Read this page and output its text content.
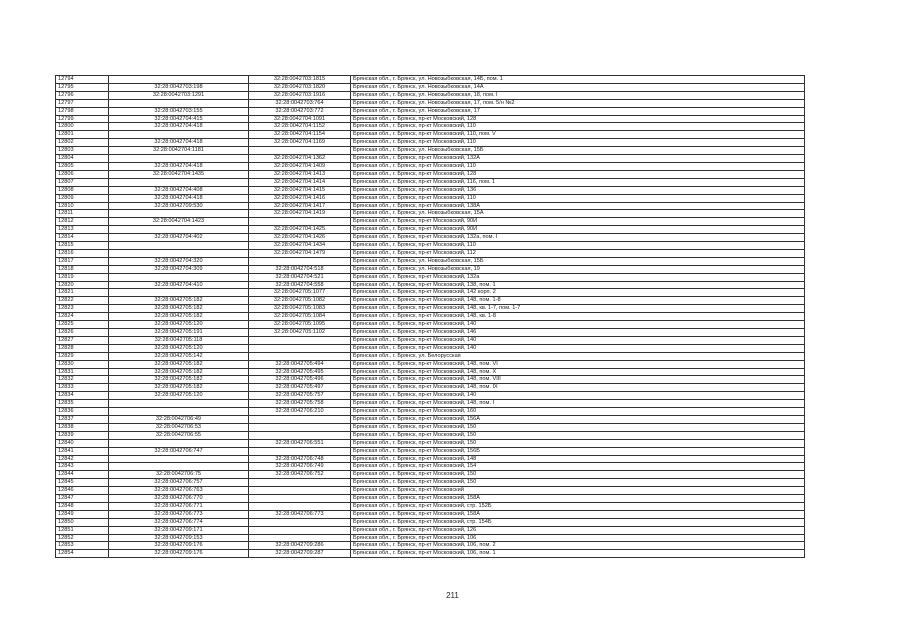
12794		32:28:0042703:1815	Брянская обл., г. Брянск, ул. Новозыбковская, 14Б, пом. 1
12795	32:28:0042703:198	32:28:0042703:1820	Брянская обл., г. Брянск, ул. Новозыбковская, 14А
12796	32:28:0042703:1291	32:28:0042703:1916	Брянская обл., г. Брянск, ул. Новозыбковская, 18, пом. I
12797		32:28:0042703:764	Брянская обл., г. Брянск, ул. Новозыбковская, 17, пом. 5/н №2
12798	32:28:0042703:155	32:28:0042703:772	Брянская обл., г. Брянск, ул. Новозыбковская, 17
12799	32:28:0042704:415	32:28:0042704:1091	Брянская обл., г. Брянск, пр-кт Московский, 128
12800	32:28:0042704:418	32:28:0042704:1152	Брянская обл., г. Брянск, пр-кт Московский, 110
12801		32:28:0042704:1154	Брянская обл., г. Брянск, пр-кт Московский, 110, пом. V
12802	32:28:0042704:418	32:28:0042704:1169	Брянская обл., г. Брянск, пр-кт Московский, 110
12803	32:28:0042704:1181		Брянская обл., г. Брянск, ул. Новозыбковская, 15Б
12804		32:28:0042704:1362	Брянская обл., г. Брянск, пр-кт Московский, 132А
12805	32:28:0042704:418	32:28:0042704:1409	Брянская обл., г. Брянск, пр-кт Московский, 110
12806	32:28:0042704:1435	32:28:0042704:1413	Брянская обл., г. Брянск, пр-кт Московский, 128
12807		32:28:0042704:1414	Брянская обл., г. Брянск, пр-кт Московский, 116, пом. 1
12808	32:28:0042704:408	32:28:0042704:1415	Брянская обл., г. Брянск, пр-кт Московский, 136
12809	32:28:0042704:418	32:28:0042704:1416	Брянская обл., г. Брянск, пр-кт Московский, 110
12810	32:28:0042709:530	32:28:0042704:1417	Брянская обл., г. Брянск, пр-кт Московский, 138А
12811		32:28:0042704:1419	Брянская обл., г. Брянск, ул. Новозыбковская, 15А
12812	32:28:0042704:1423		Брянская обл., г. Брянск, пр-кт Московский, 90И
12813		32:28:0042704:1425	Брянская обл., г. Брянск, пр-кт Московский, 90И
12814	32:28:0042704:402	32:28:0042704:1426	Брянская обл., г. Брянск, пр-кт Московский, 132а, пом. I
12815		32:28:0042704:1434	Брянская обл., г. Брянск, пр-кт Московский, 110
12816		32:28:0042704:1479	Брянская обл., г. Брянск, пр-кт Московский, 112
12817	32:28:0042704:320		Брянская обл., г. Брянск, ул. Новозыбковская, 15Б
12818	32:28:0042704:309	32:28:0042704:518	Брянская обл., г. Брянск, ул. Новозыбковская, 19
12819		32:28:0042704:521	Брянская обл., г. Брянск, пр-кт Московский, 132а
12820	32:28:0042704:410	32:28:0042704:558	Брянская обл., г. Брянск, пр-кт Московский, 138, пом. 1
12821		32:28:0042705:1077	Брянская обл., г. Брянск, пр-кт Московский, 142 корп. 2
12822	32:28:0042705:182	32:28:0042705:1082	Брянская обл., г. Брянск, пр-кт Московский, 148, пом. 1-8
12823	32:28:0042705:182	32:28:0042705:1083	Брянская обл., г. Брянск, пр-кт Московский, 148, кв. 1-7, пом. 1-7
12824	32:28:0042705:182	32:28:0042705:1084	Брянская обл., г. Брянск, пр-кт Московский, 148, кв. 1-8
12825	32:28:0042705:120	32:28:0042705:1095	Брянская обл., г. Брянск, пр-кт Московский, 140
12826	32:28:0042705:191	32:28:0042705:1102	Брянская обл., г. Брянск, пр-кт Московский, 146
12827	32:28:0042705:118		Брянская обл., г. Брянск, пр-кт Московский, 140
12828	32:28:0042705:120		Брянская обл., г. Брянск, пр-кт Московский, 140
12829	32:28:0042705:142		Брянская обл., г. Брянск, ул. Белорусская
12830	32:28:0042705:182	32:28:0042705:494	Брянская обл., г. Брянск, пр-кт Московский, 148, пом. VI
12831	32:28:0042705:182	32:28:0042705:495	Брянская обл., г. Брянск, пр-кт Московский, 148, пом. X
12832	32:28:0042705:182	32:28:0042705:496	Брянская обл., г. Брянск, пр-кт Московский, 148, пом. VIII
12833	32:28:0042705:182	32:28:0042705:497	Брянская обл., г. Брянск, пр-кт Московский, 148, пом. IX
12834	32:28:0042705:120	32:28:0042705:757	Брянская обл., г. Брянск, пр-кт Московский, 140
12835		32:28:0042705:758	Брянская обл., г. Брянск, пр-кт Московский, 148, пом. I
12836		32:28:0042706:210	Брянская обл., г. Брянск, пр-кт Московский, 160
12837	32:28:0042706:49		Брянская обл., г. Брянск, пр-кт Московский, 156А
12838	32:28:0042706:53		Брянская обл., г. Брянск, пр-кт Московский, 150
12839	32:28:0042706:55		Брянская обл., г. Брянск, пр-кт Московский, 150
12840		32:28:0042706:551	Брянская обл., г. Брянск, пр-кт Московский, 150
12841	32:28:0042706:747		Брянская обл., г. Брянск, пр-кт Московский, 156Б
12842		32:28:0042706:748	Брянская обл., г. Брянск, пр-кт Московский, 148
12843		32:28:0042706:749	Брянская обл., г. Брянск, пр-кт Московский, 154
12844	32:28:0042706:75	32:28:0042706:752	Брянская обл., г. Брянск, пр-кт Московский, 150
12845	32:28:0042706:757		Брянская обл., г. Брянск, пр-кт Московский, 150
12846	32:28:0042706:763		Брянская обл., г. Брянск, пр-кт Московский
12847	32:28:0042706:770		Брянская обл., г. Брянск, пр-кт Московский, 158А
12848	32:28:0042706:771		Брянская обл., г. Брянск, пр-кт Московский, стр. 152Б
12849	32:28:0042706:773	32:28:0042706:773	Брянская обл., г. Брянск, пр-кт Московский, 158А
12850	32:28:0042706:774		Брянская обл., г. Брянск, пр-кт Московский, стр. 154Б
12851	32:28:0042709:171		Брянская обл., г. Брянск, пр-кт Московский, 126
12852	32:28:0042709:153		Брянская обл., г. Брянск, пр-кт Московский, 106
12853	32:28:0042709:176	32:28:0042709:286	Брянская обл., г. Брянск, пр-кт Московский, 106, пом. 2
12854	32:28:0042709:176	32:28:0042709:287	Брянская обл., г. Брянск, пр-кт Московский, 106, пом. 1
211
